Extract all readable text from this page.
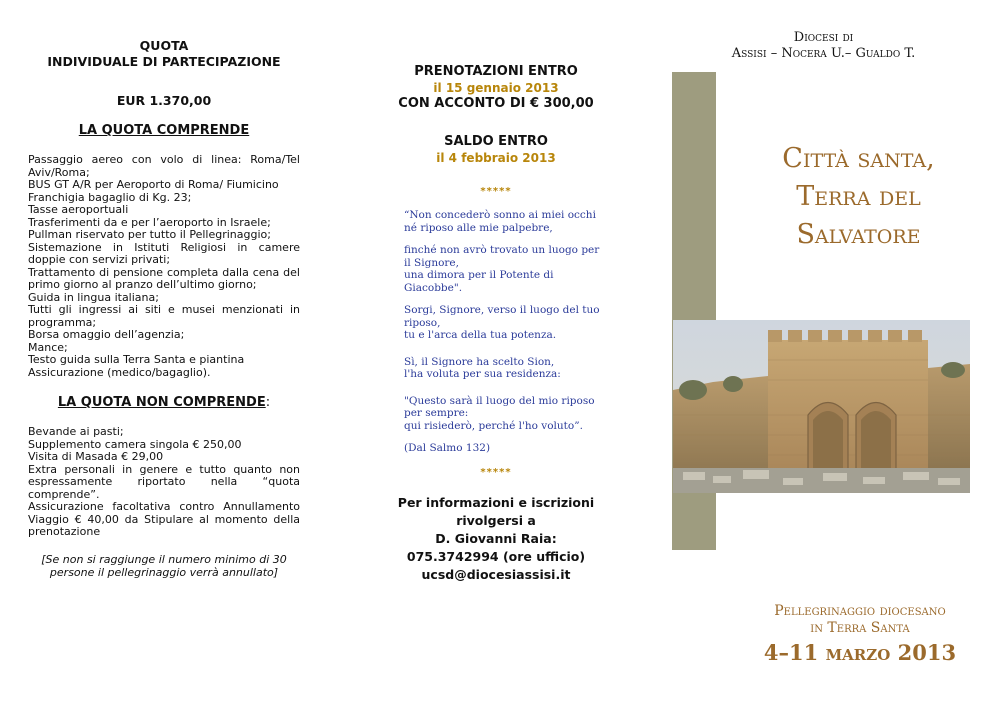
QUOTA
INDIVIDUALE DI PARTECIPAZIONE
EUR 1.370,00
LA QUOTA COMPRENDE
Passaggio aereo con volo di linea: Roma/Tel Aviv/Roma;
BUS GT A/R per Aeroporto di Roma/ Fiumicino
Franchigia bagaglio di Kg. 23;
Tasse aeroportuali
Trasferimenti da e per l’aeroporto in Israele;
Pullman riservato per tutto il Pellegrinaggio;
Sistemazione in Istituti Religiosi in camere doppie con servizi privati;
Trattamento di pensione completa dalla cena del primo giorno al pranzo dell’ultimo giorno;
Guida in lingua italiana;
Tutti gli ingressi ai siti e musei menzionati in programma;
Borsa omaggio dell’agenzia;
Mance;
Testo guida sulla Terra Santa e piantina
Assicurazione (medico/bagaglio).
LA QUOTA NON COMPRENDE:
Bevande ai pasti;
Supplemento camera singola € 250,00
Visita di Masada € 29,00
Extra personali in genere e tutto quanto non espressamente riportato nella “quota comprende”.
Assicurazione facoltativa contro Annullamento Viaggio € 40,00 da Stipulare al momento della prenotazione
[Se non si raggiunge il numero minimo di 30 persone il pellegrinaggio verrà annullato]
PRENOTAZIONI ENTRO
il 15 gennaio 2013
CON ACCONTO DI € 300,00
SALDO ENTRO
il 4 febbraio 2013
*****
“Non concederò sonno ai miei occhi
né riposo alle mie palpebre,
finché non avrò trovato un luogo per il Signore,
una dimora per il Potente di Giacobbe".
Sorgi, Signore, verso il luogo del tuo riposo,
tu e l'arca della tua potenza.
Sì, il Signore ha scelto Sion,
l'ha voluta per sua residenza:
"Questo sarà il luogo del mio riposo per sempre:
qui risiederò, perché l'ho voluto”.
(Dal Salmo 132)
*****
Per informazioni e iscrizioni
rivolgersi a
D. Giovanni Raia:
075.3742994 (ore ufficio)
ucsd@diocesiassisi.it
Diocesi di
Assisi – Nocera U.– Gualdo T.
Città santa,
Terra del
Salvatore
Pellegrinaggio diocesano
in Terra Santa
4–11 marzo 2013
